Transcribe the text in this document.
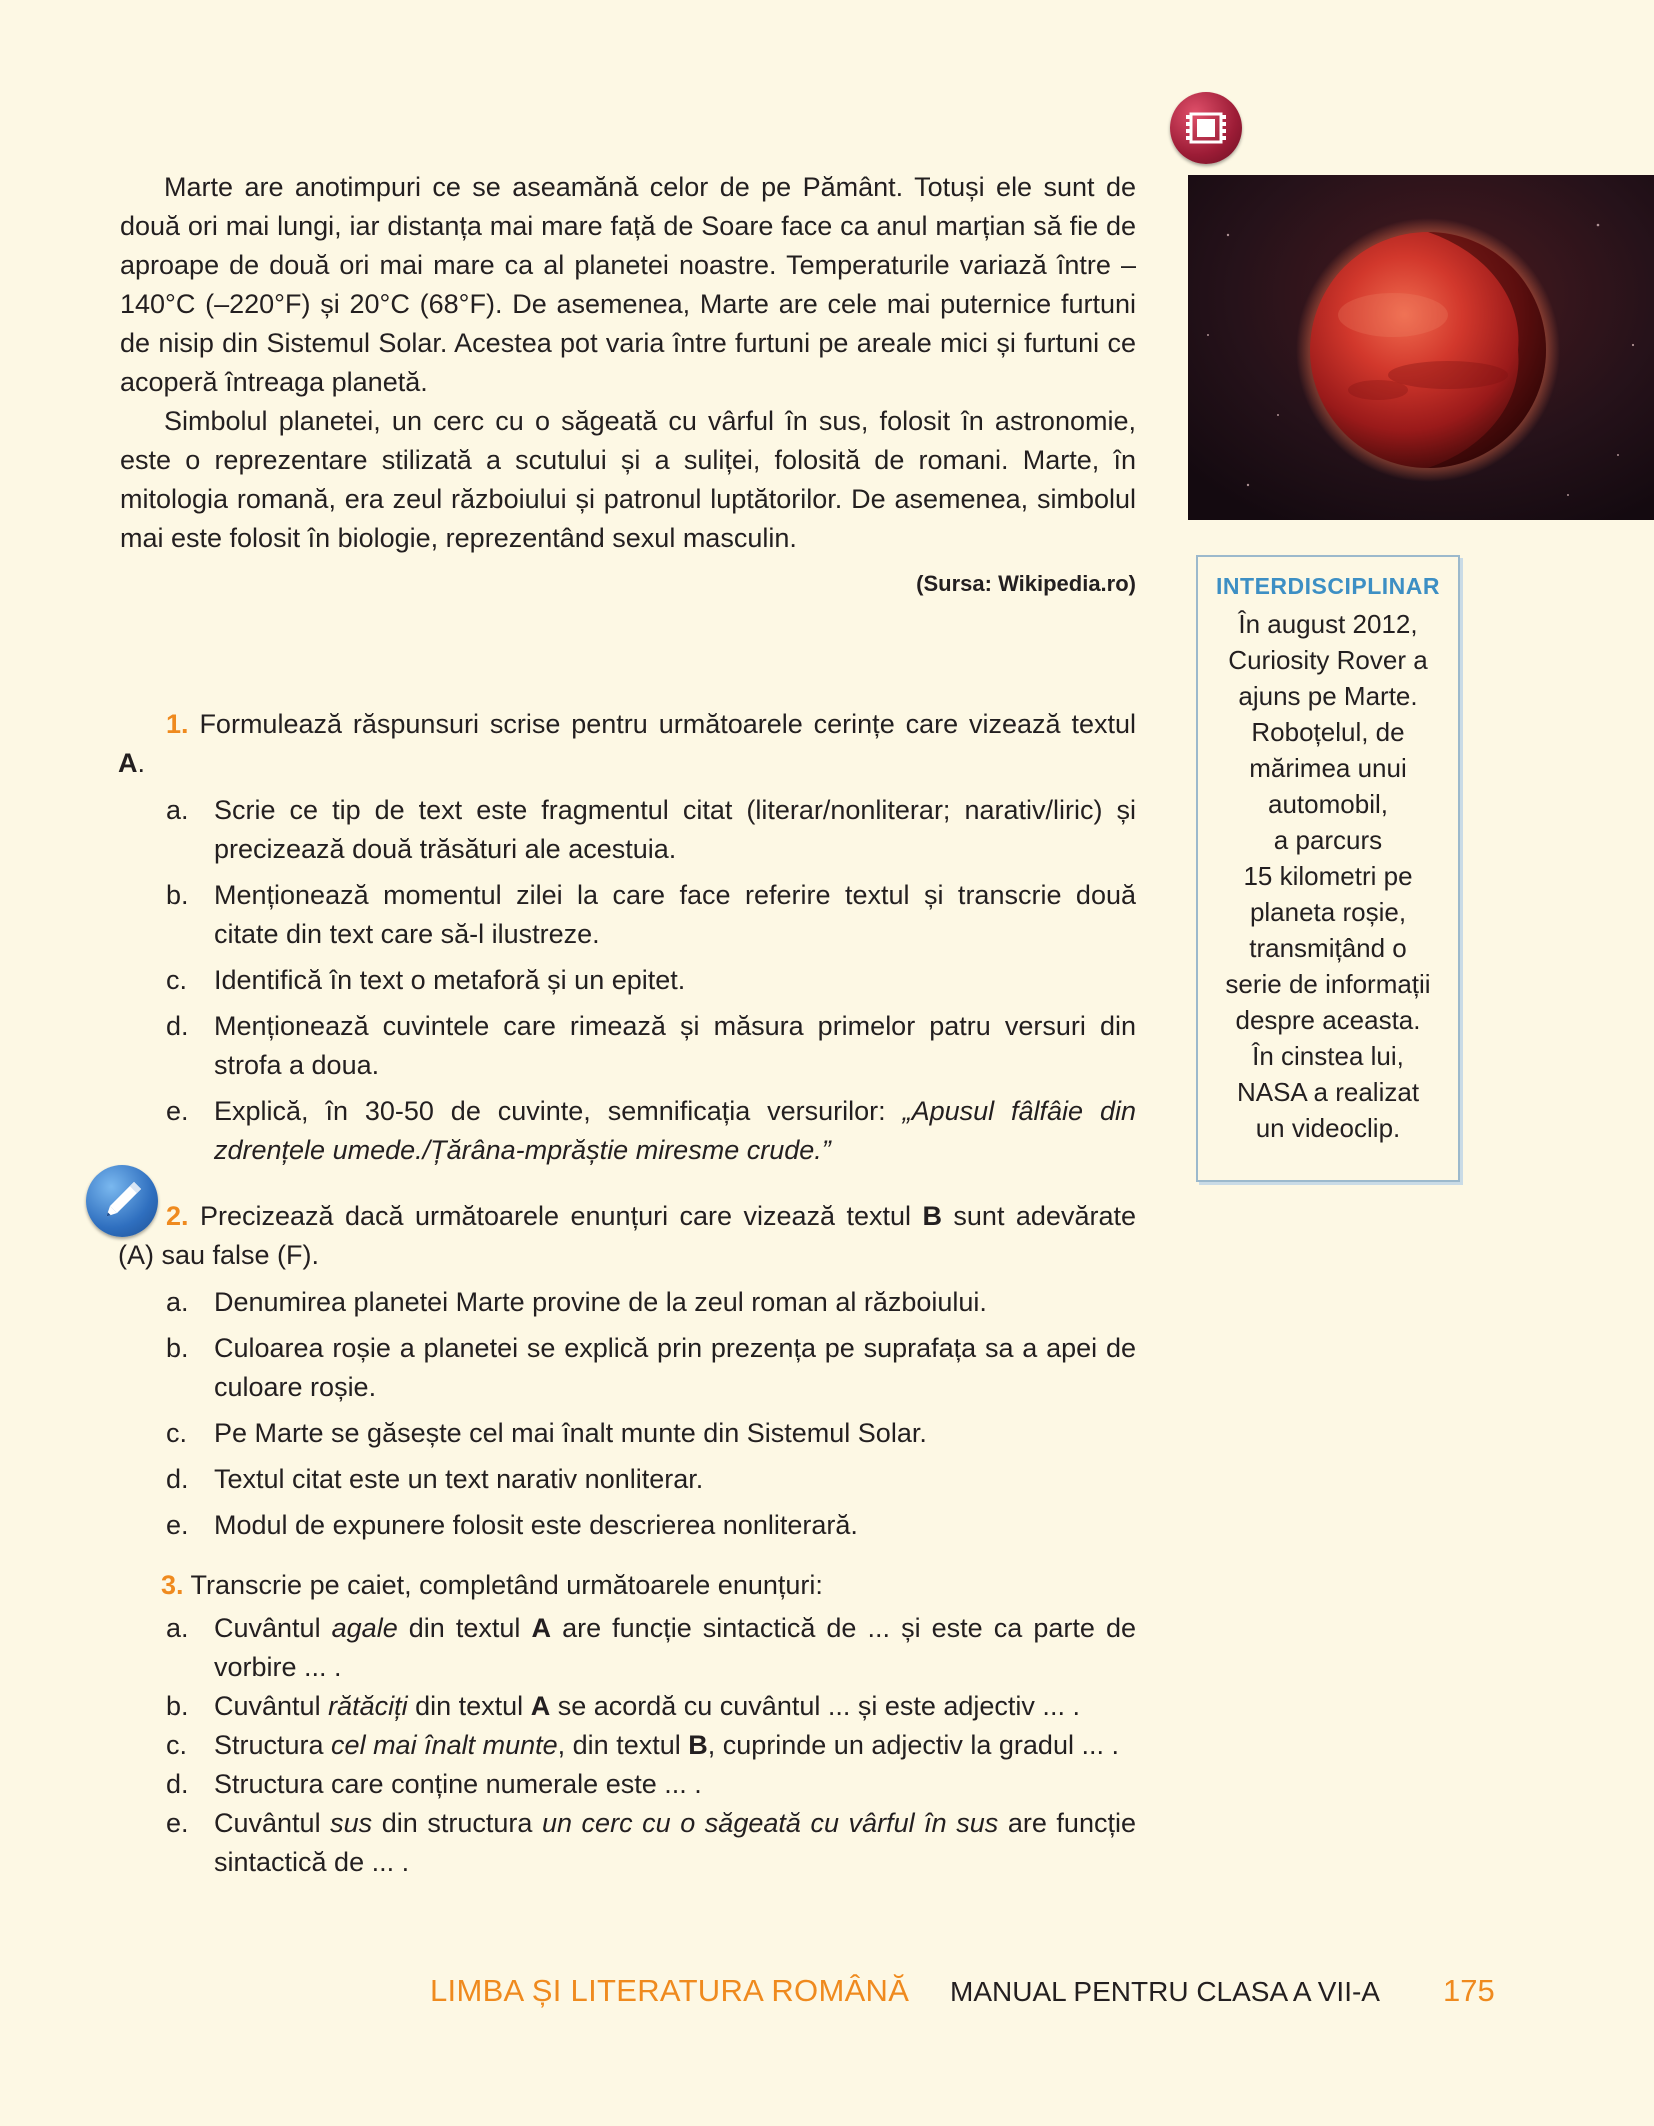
Marte are anotimpuri ce se aseamănă celor de pe Pământ. Totuși ele sunt de două ori mai lungi, iar distanța mai mare față de Soare face ca anul marțian să fie de aproape de două ori mai mare ca al planetei noastre. Temperaturile variază între –140°C (–220°F) și 20°C (68°F). De asemenea, Marte are cele mai puternice furtuni de nisip din Sistemul Solar. Acestea pot varia între furtuni pe areale mici și furtuni ce acoperă întreaga planetă.

Simbolul planetei, un cerc cu o săgeată cu vârful în sus, folosit în astronomie, este o reprezentare stilizată a scutului și a suliței, folosită de romani. Marte, în mitologia romană, era zeul războiului și patronul luptătorilor. De asemenea, simbolul mai este folosit în biologie, reprezentând sexul masculin.

(Sursa: Wikipedia.ro)	INTERDISCIPLINAR
În august 2012,
Curiosity Rover a
ajuns pe Marte.
Roboțelul, de
mărimea unui
automobil,
a parcurs
15 kilometri pe
planeta roșie,
transmițând o
serie de informații
despre aceasta.
În cinstea lui,
NASA a realizat
un videoclip.
1. Formulează răspunsuri scrise pentru următoarele cerințe care vizează textul A.
a. Scrie ce tip de text este fragmentul citat (literar/nonliterar; narativ/liric) și precizează două trăsături ale acestuia.
b. Menționează momentul zilei la care face referire textul și transcrie două citate din text care să-l ilustreze.
c. Identifică în text o metaforă și un epitet.
d. Menționează cuvintele care rimează și măsura primelor patru versuri din strofa a doua.
e. Explică, în 30-50 de cuvinte, semnificația versurilor: „Apusul fâlfâie din zdrențele umede./Țărâna-mprăștie miresme crude.”
2. Precizează dacă următoarele enunțuri care vizează textul B sunt adevărate (A) sau false (F).
a. Denumirea planetei Marte provine de la zeul roman al războiului.
b. Culoarea roșie a planetei se explică prin prezența pe suprafața sa a apei de culoare roșie.
c. Pe Marte se găsește cel mai înalt munte din Sistemul Solar.
d. Textul citat este un text narativ nonliterar.
e. Modul de expunere folosit este descrierea nonliterară.
3. Transcrie pe caiet, completând următoarele enunțuri:
a. Cuvântul agale din textul A are funcție sintactică de ... și este ca parte de vorbire ... .
b. Cuvântul rătăciți din textul A se acordă cu cuvântul ... și este adjectiv ... .
c. Structura cel mai înalt munte, din textul B, cuprinde un adjectiv la gradul ... .
d. Structura care conține numerale este ... .
e. Cuvântul sus din structura un cerc cu o săgeată cu vârful în sus are funcție sintactică de ... .
LIMBA ȘI LITERATURA ROMÂNĂ MANUAL PENTRU CLASA A VII-A 175
